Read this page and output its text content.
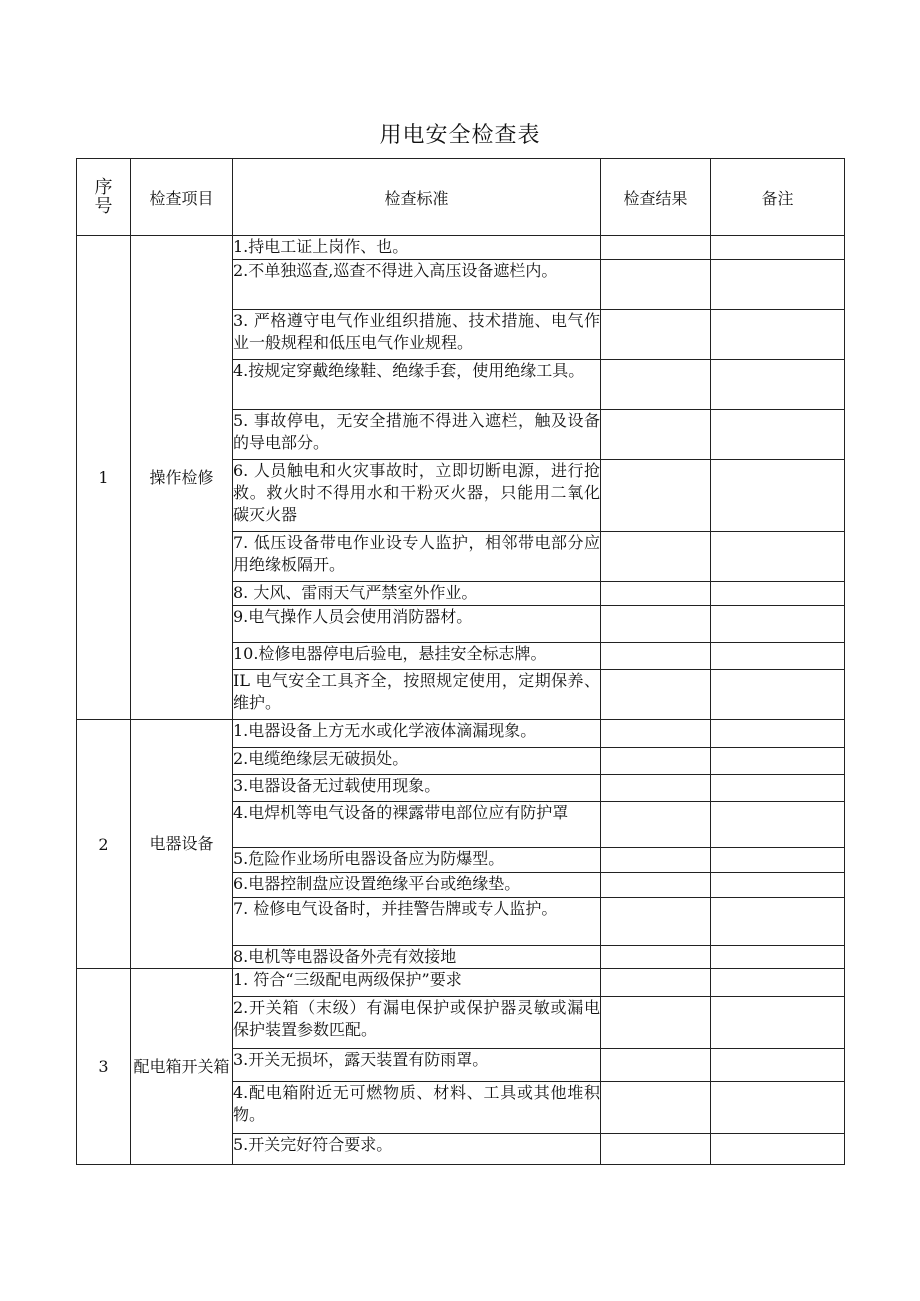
用电安全检查表
序号	检查项目	检查标准	检查结果	备注
1	操作检修	1.持电工证上岗作、也。		
		2.不单独巡查,巡查不得进入高压设备遮栏内。		
		3. 严格遵守电气作业组织措施、技术措施、电气作业一般规程和低压电气作业规程。		
		4.按规定穿戴绝缘鞋、绝缘手套，使用绝缘工具。		
		5. 事故停电，无安全措施不得进入遮栏，触及设备的导电部分。		
		6. 人员触电和火灾事故时，立即切断电源，进行抢救。救火时不得用水和干粉灭火器，只能用二氧化碳灭火器		
		7. 低压设备带电作业设专人监护，相邻带电部分应用绝缘板隔开。		
		8. 大风、雷雨天气严禁室外作业。		
		9.电气操作人员会使用消防器材。		
		10.检修电器停电后验电，悬挂安全标志牌。		
		IL 电气安全工具齐全，按照规定使用，定期保养、维护。		
2	电器设备	1.电器设备上方无水或化学液体滴漏现象。		
		2.电缆绝缘层无破损处。		
		3.电器设备无过载使用现象。		
		4.电焊机等电气设备的裸露带电部位应有防护罩		
		5.危险作业场所电器设备应为防爆型。		
		6.电器控制盘应设置绝缘平台或绝缘垫。		
		7. 检修电气设备时，并挂警告牌或专人监护。		
		8.电机等电器设备外壳有效接地		
3	配电箱开关箱	1. 符合“三级配电两级保护”要求		
		2.开关箱（末级）有漏电保护或保护器灵敏或漏电保护装置参数匹配。		
		3.开关无损坏，露天装置有防雨罩。		
		4.配电箱附近无可燃物质、材料、工具或其他堆积物。		
		5.开关完好符合要求。		
